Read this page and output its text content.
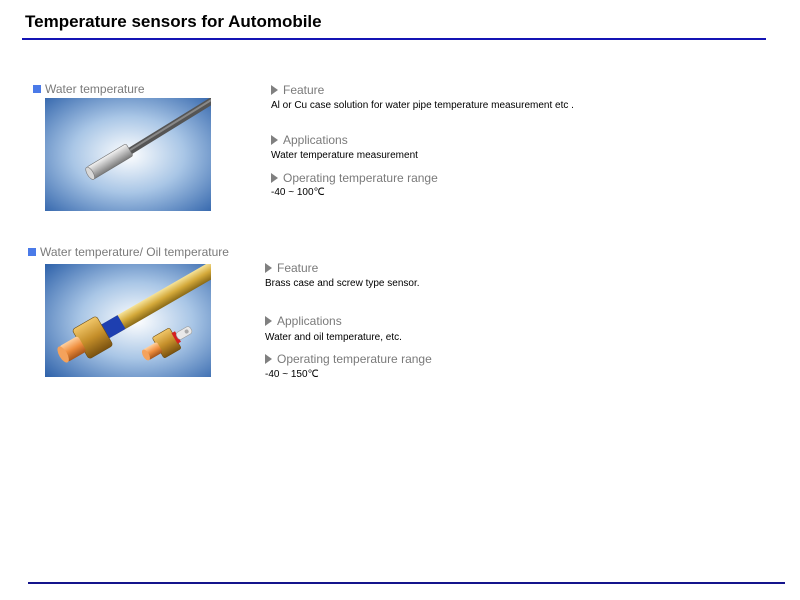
Temperature sensors for Automobile
Water temperature	Feature
Al or Cu case solution for water pipe temperature measurement etc .
Applications
Water temperature measurement
Operating temperature range
-40 ~ 100℃
Water temperature/ Oil temperature
Feature
Brass case and screw type sensor.
Applications
Water and oil temperature, etc.
Operating temperature range
-40 ~ 150℃
